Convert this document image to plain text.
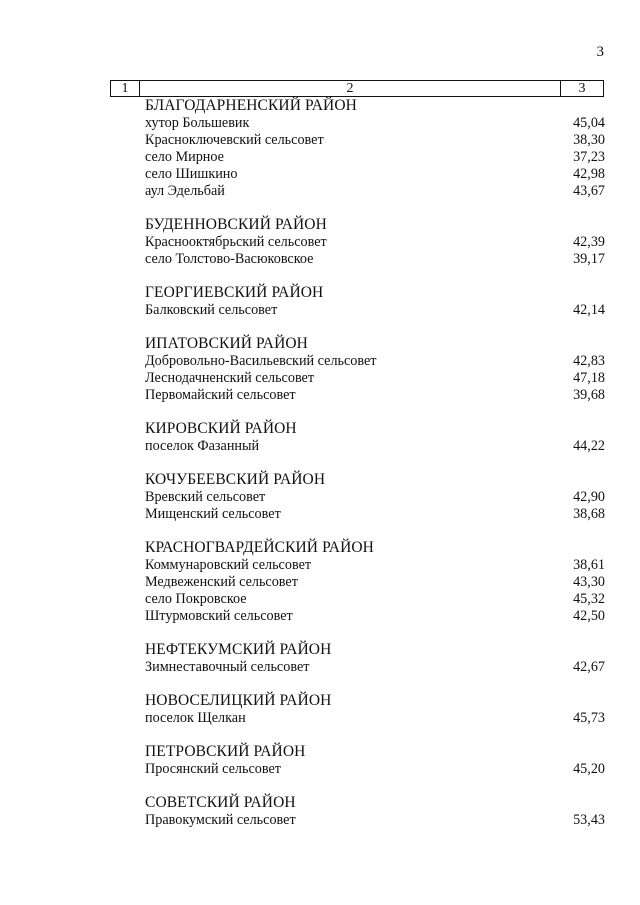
3
1	2	3
БЛАГОДАРНЕНСКИЙ РАЙОН
хутор Большевик	45,04
Красноключевский сельсовет	38,30
село Мирное	37,23
село Шишкино	42,98
аул Эдельбай	43,67
БУДЕННОВСКИЙ РАЙОН
Краснооктябрьский сельсовет	42,39
село Толстово-Васюковское	39,17
ГЕОРГИЕВСКИЙ РАЙОН
Балковский сельсовет	42,14
ИПАТОВСКИЙ РАЙОН
Добровольно-Васильевский сельсовет	42,83
Леснодачненский сельсовет	47,18
Первомайский сельсовет	39,68
КИРОВСКИЙ РАЙОН
поселок Фазанный	44,22
КОЧУБЕЕВСКИЙ РАЙОН
Вревский сельсовет	42,90
Мищенский сельсовет	38,68
КРАСНОГВАРДЕЙСКИЙ РАЙОН
Коммунаровский сельсовет	38,61
Медвеженский сельсовет	43,30
село Покровское	45,32
Штурмовский сельсовет	42,50
НЕФТЕКУМСКИЙ РАЙОН
Зимнеставочный сельсовет	42,67
НОВОСЕЛИЦКИЙ РАЙОН
поселок Щелкан	45,73
ПЕТРОВСКИЙ РАЙОН
Просянский сельсовет	45,20
СОВЕТСКИЙ РАЙОН
Правокумский сельсовет	53,43
